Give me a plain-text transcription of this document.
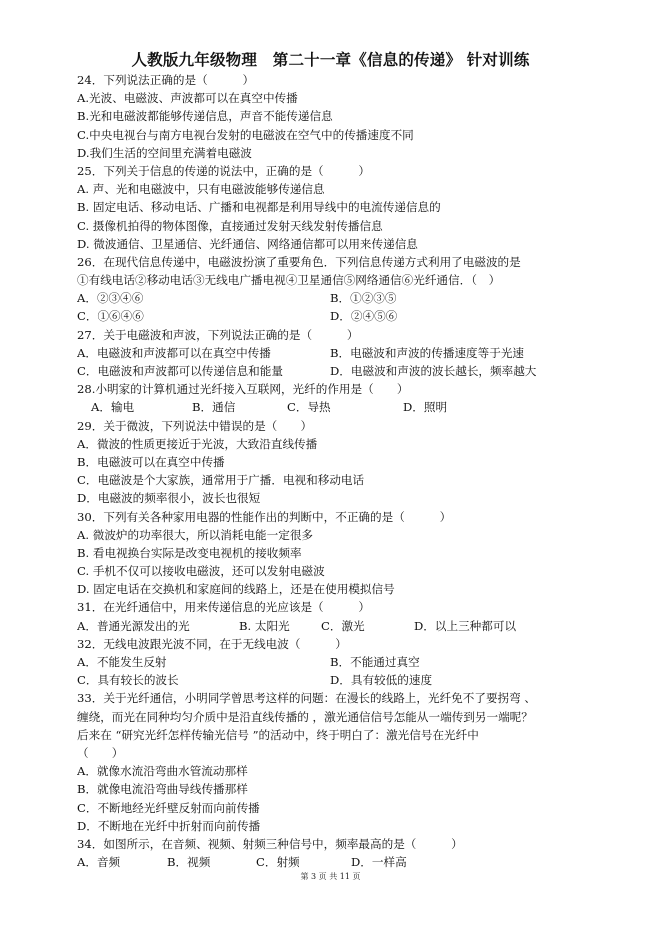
人教版九年级物理　第二十一章《信息的传递》 针对训练
24．下列说法正确的是（　　　）
A.光波、电磁波、声波都可以在真空中传播
B.光和电磁波都能够传递信息，声音不能传递信息
C.中央电视台与南方电视台发射的电磁波在空气中的传播速度不同
D.我们生活的空间里充满着电磁波
25．下列关于信息的传递的说法中，正确的是（　　　）
A. 声、光和电磁波中，只有电磁波能够传递信息
B. 固定电话、移动电话、广播和电视都是利用导线中的电流传递信息的
C. 摄像机拍得的物体图像，直接通过发射天线发射传播信息
D. 微波通信、卫星通信、光纤通信、网络通信都可以用来传递信息
26．在现代信息传递中，电磁波扮演了重要角色．下列信息传递方式利用了电磁波的是
①有线电话②移动电话③无线电广播电视④卫星通信⑤网络通信⑥光纤通信．（　）
A．②③④⑥	B．①②③⑤
C．①⑥④⑥	D．②④⑤⑥
27．关于电磁波和声波，下列说法正确的是（　　　）
A．电磁波和声波都可以在真空中传播	B．电磁波和声波的传播速度等于光速
C．电磁波和声波都可以传递信息和能量	D．电磁波和声波的波长越长，频率越大
28.小明家的计算机通过光纤接入互联网，光纤的作用是（　　）
A．输电	B．通信	C．导热	D．照明
29．关于微波，下列说法中错误的是（　　）
A．微波的性质更接近于光波，大致沿直线传播
B．电磁波可以在真空中传播
C．电磁波是个大家族，通常用于广播．电视和移动电话
D．电磁波的频率很小，波长也很短
30．下列有关各种家用电器的性能作出的判断中，不正确的是（　　　）
A. 微波炉的功率很大，所以消耗电能一定很多
B. 看电视换台实际是改变电视机的接收频率
C. 手机不仅可以接收电磁波，还可以发射电磁波
D. 固定电话在交换机和家庭间的线路上，还是在使用模拟信号
31．在光纤通信中，用来传递信息的光应该是（　　　）
A．普通光源发出的光	B. 太阳光	C．激光	D．以上三种都可以
32．无线电波跟光波不同，在于无线电波（　　　）
A．不能发生反射	B．不能通过真空
C．具有较长的波长	D．具有较低的速度
33．关于光纤通信，小明同学曾思考这样的问题：在漫长的线路上，光纤免不了要拐弯 、
缠绕，而光在同种均匀介质中是沿直线传播的 ，激光通信信号怎能从一端传到另一端呢？
后来在 “研究光纤怎样传输光信号 ”的活动中，终于明白了：激光信号在光纤中
（　　）
A．就像水流沿弯曲水管流动那样
B．就像电流沿弯曲导线传播那样
C．不断地经光纤壁反射而向前传播
D．不断地在光纤中折射而向前传播
34．如图所示，在音频、视频、射频三种信号中，频率最高的是（　　　）
A．音频	B．视频	C．射频	D．一样高
第 3 页 共 11 页
